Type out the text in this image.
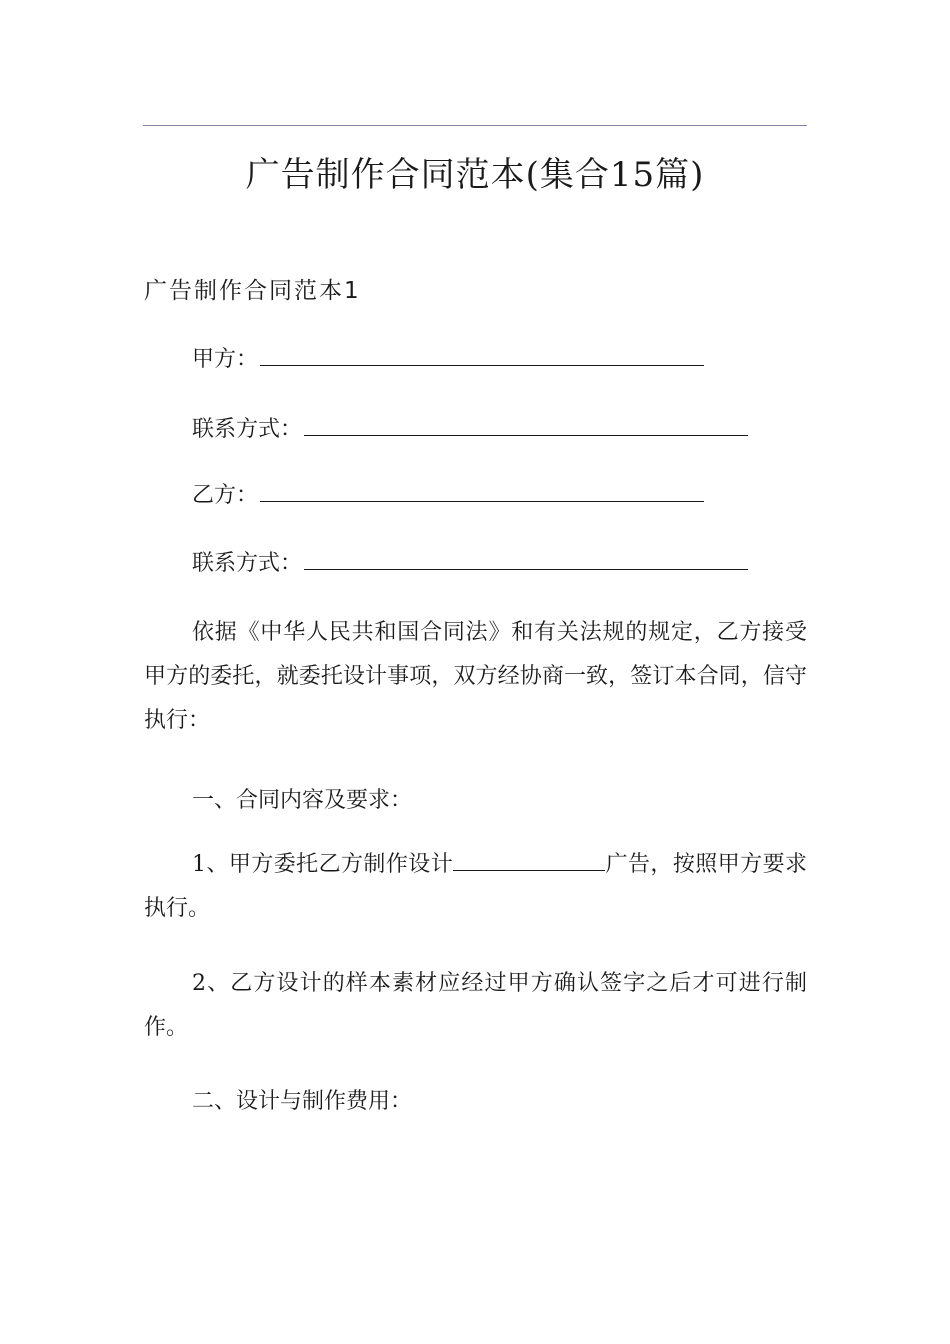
广告制作合同范本(集合15篇)
广告制作合同范本1
甲方：
联系方式：
乙方：
联系方式：
依据《中华人民共和国合同法》和有关法规的规定，乙方接受甲方的委托，就委托设计事项，双方经协商一致，签订本合同，信守执行：
一、合同内容及要求：
1、甲方委托乙方制作设计	广告，按照甲方要求执行。
2、乙方设计的样本素材应经过甲方确认签字之后才可进行制作。
二、设计与制作费用：
